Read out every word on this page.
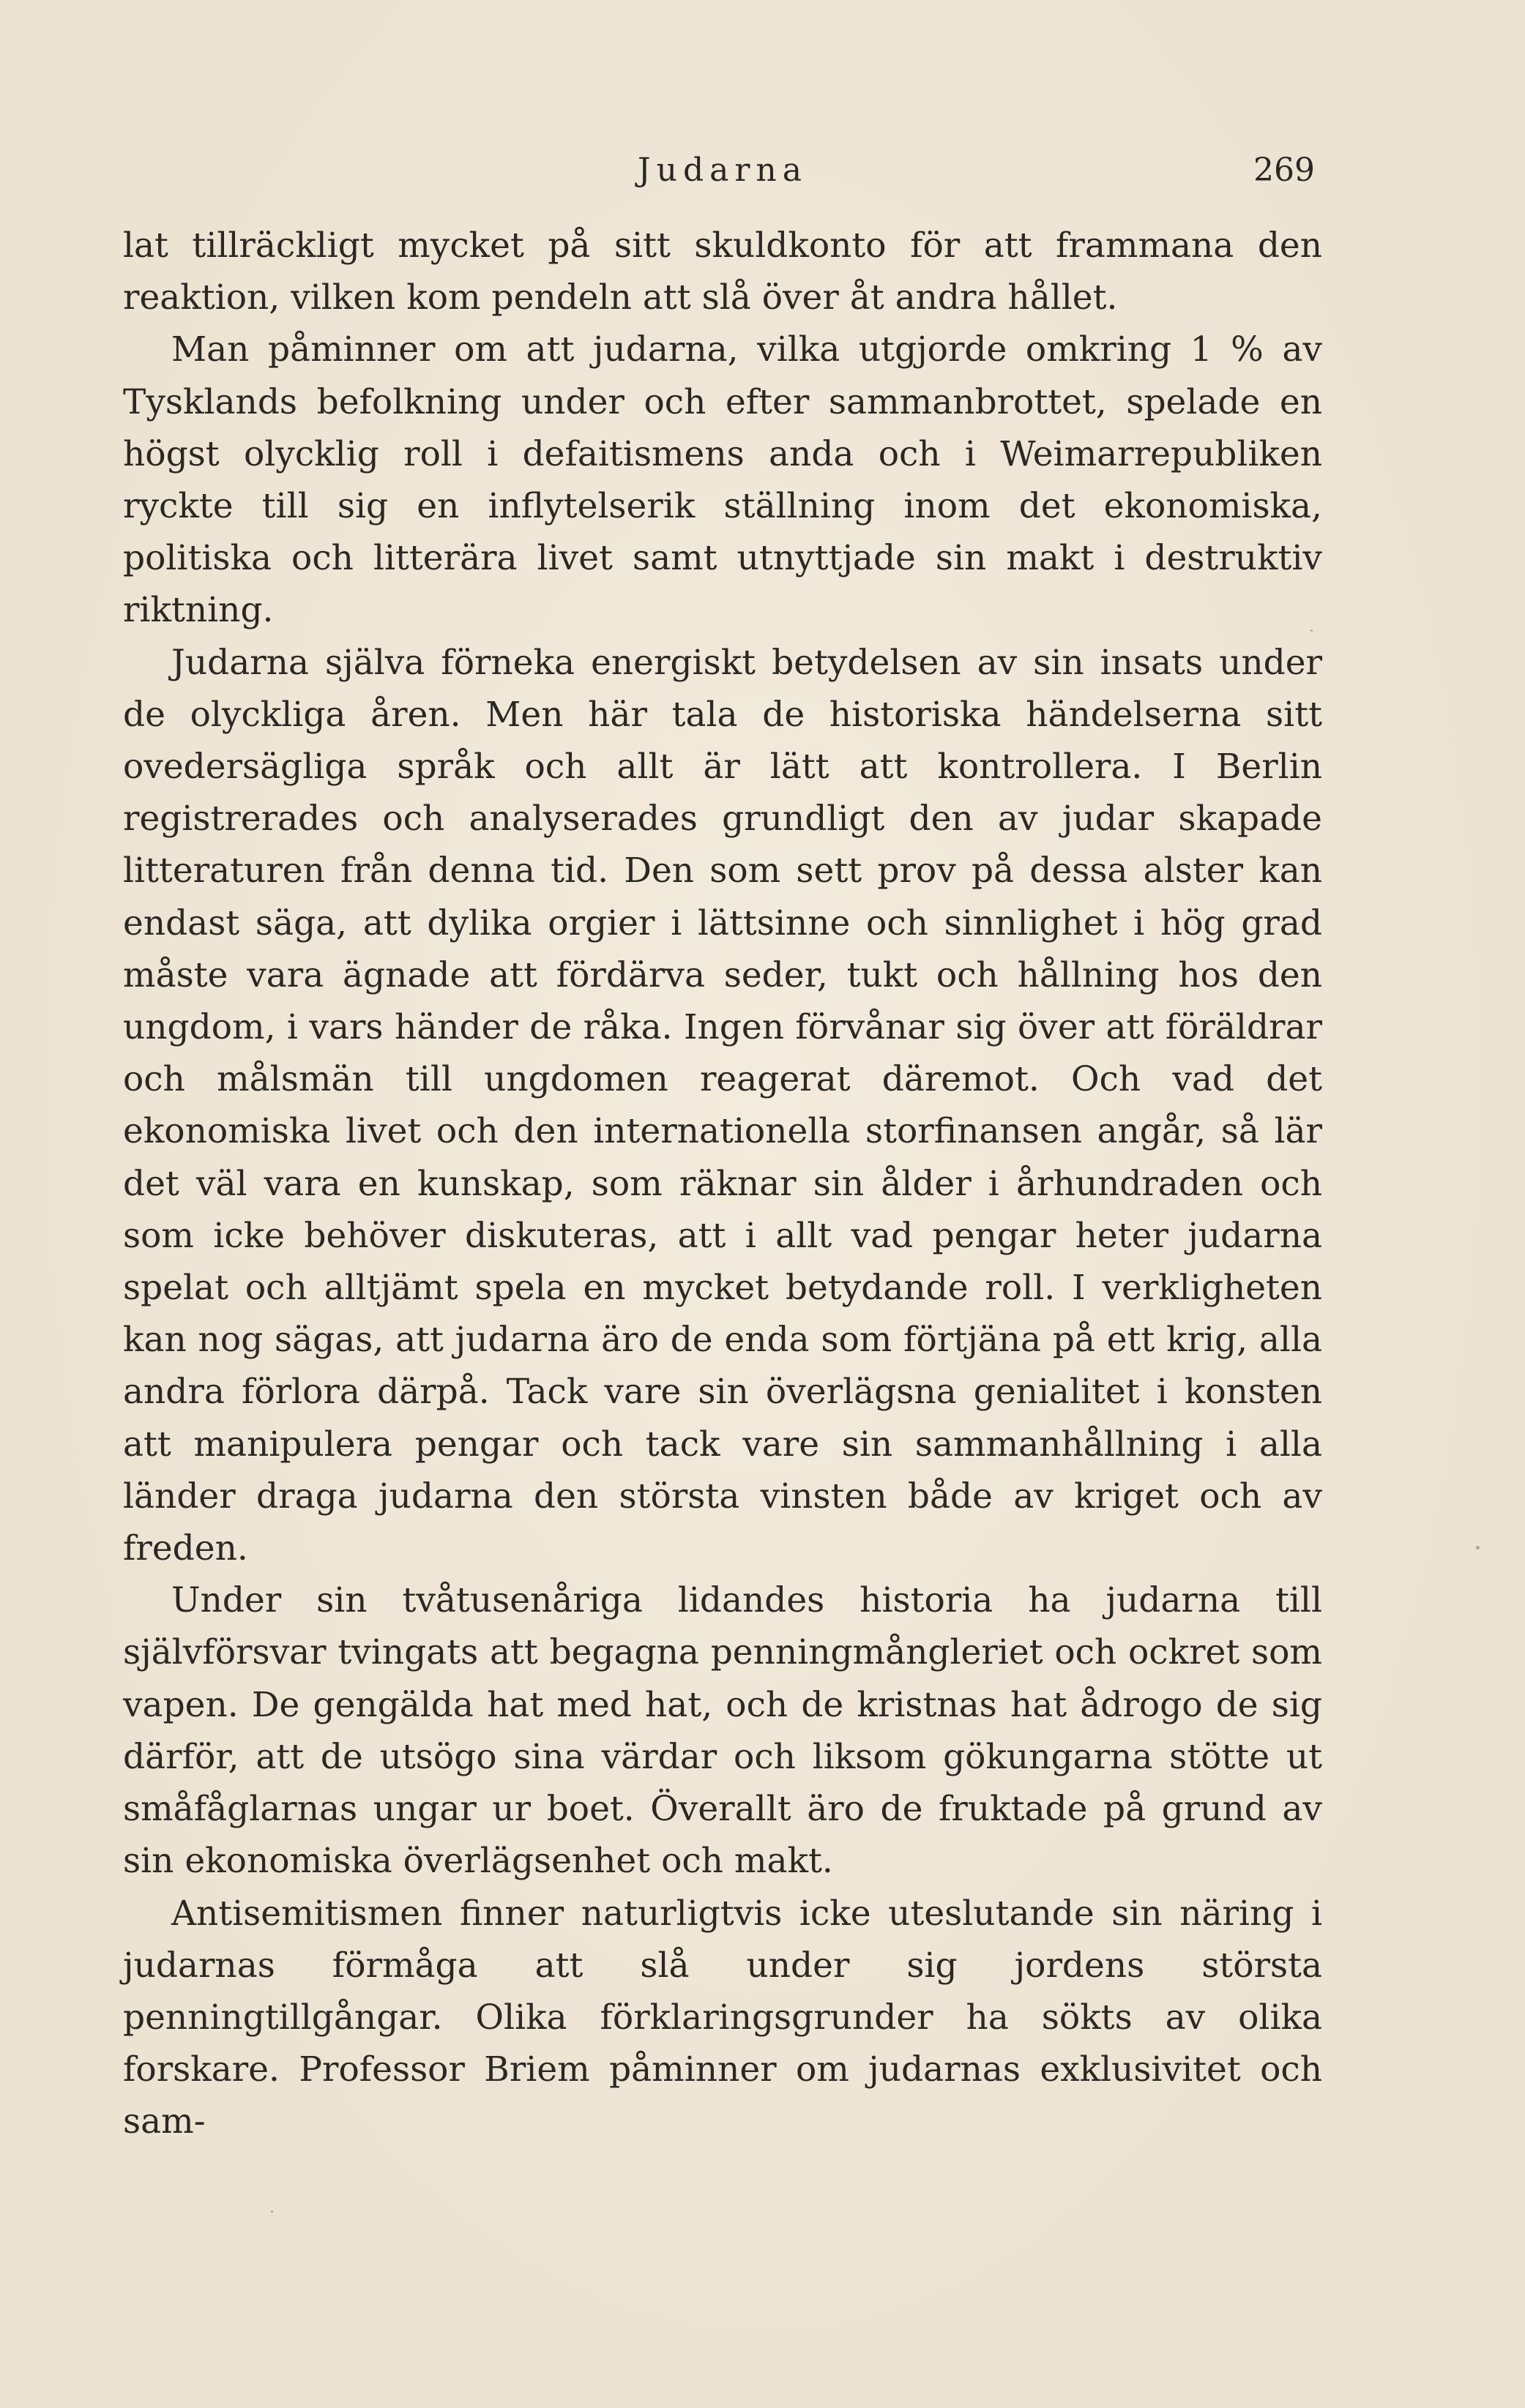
Judarna	269

lat tillräckligt mycket på sitt skuldkonto för att frammana den reaktion, vilken kom pendeln att slå över åt andra hållet.

Man påminner om att judarna, vilka utgjorde omkring 1 % av Tysklands befolkning under och efter sammanbrottet, spelade en högst olycklig roll i defaitismens anda och i Weimarrepubliken ryckte till sig en inflytelserik ställning inom det ekonomiska, politiska och litterära livet samt utnyttjade sin makt i destruktiv riktning.

Judarna själva förneka energiskt betydelsen av sin insats under de olyckliga åren. Men här tala de historiska händelserna sitt ovedersägliga språk och allt är lätt att kontrollera. I Berlin registrerades och analyserades grundligt den av judar skapade litteraturen från denna tid. Den som sett prov på dessa alster kan endast säga, att dylika orgier i lättsinne och sinnlighet i hög grad måste vara ägnade att fördärva seder, tukt och hållning hos den ungdom, i vars händer de råka. Ingen förvånar sig över att föräldrar och målsmän till ungdomen reagerat däremot. Och vad det ekonomiska livet och den internationella storfinansen angår, så lär det väl vara en kunskap, som räknar sin ålder i århundraden och som icke behöver diskuteras, att i allt vad pengar heter judarna spelat och alltjämt spela en mycket betydande roll. I verkligheten kan nog sägas, att judarna äro de enda som förtjäna på ett krig, alla andra förlora därpå. Tack vare sin överlägsna genialitet i konsten att manipulera pengar och tack vare sin sammanhållning i alla länder draga judarna den största vinsten både av kriget och av freden.

Under sin tvåtusenåriga lidandes historia ha judarna till självförsvar tvingats att begagna penningmångleriet och ockret som vapen. De gengälda hat med hat, och de kristnas hat ådrogo de sig därför, att de utsögo sina värdar och liksom gökungarna stötte ut småfåglarnas ungar ur boet. Överallt äro de fruktade på grund av sin ekonomiska överlägsenhet och makt.

Antisemitismen finner naturligtvis icke uteslutande sin näring i judarnas förmåga att slå under sig jordens största penningtillgångar. Olika förklaringsgrunder ha sökts av olika forskare. Professor Briem påminner om judarnas exklusivitet och sam-
